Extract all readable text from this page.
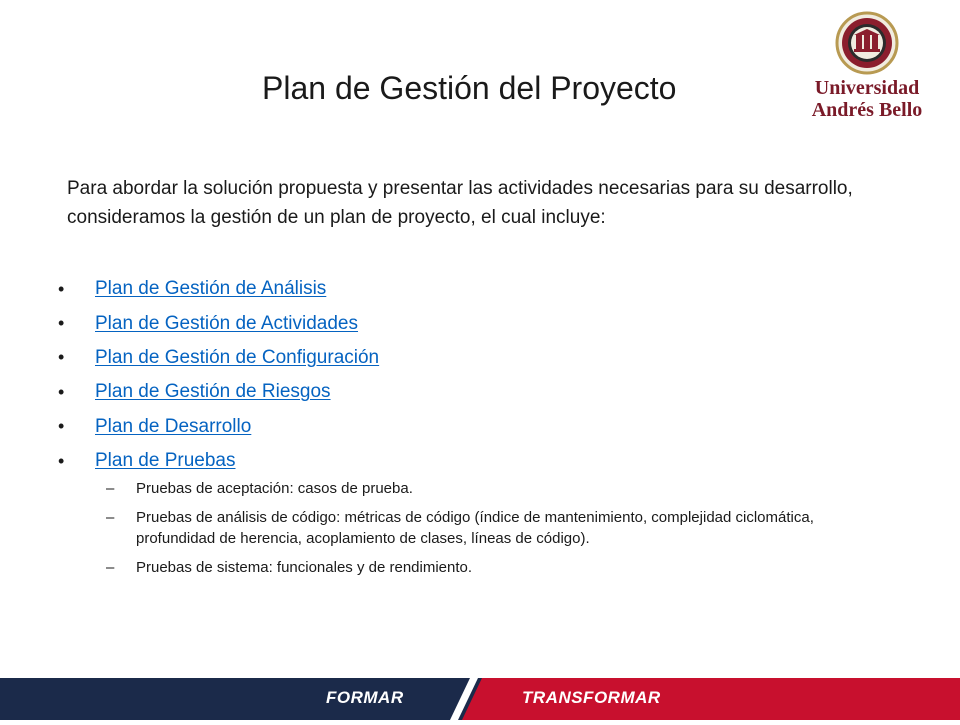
Plan de Gestión del Proyecto	Universidad
Andrés Bello
Para abordar la solución propuesta y presentar las actividades necesarias para su desarrollo, consideramos la gestión de un plan de proyecto, el cual incluye:
• Plan de Gestión de Análisis
• Plan de Gestión de Actividades
• Plan de Gestión de Configuración
• Plan de Gestión de Riesgos
• Plan de Desarrollo
• Plan de Pruebas
– Pruebas de aceptación: casos de prueba.
– Pruebas de análisis de código: métricas de código (índice de mantenimiento, complejidad ciclomática, profundidad de herencia, acoplamiento de clases, líneas de código).
– Pruebas de sistema: funcionales y de rendimiento.
FORMAR	TRANSFORMAR
